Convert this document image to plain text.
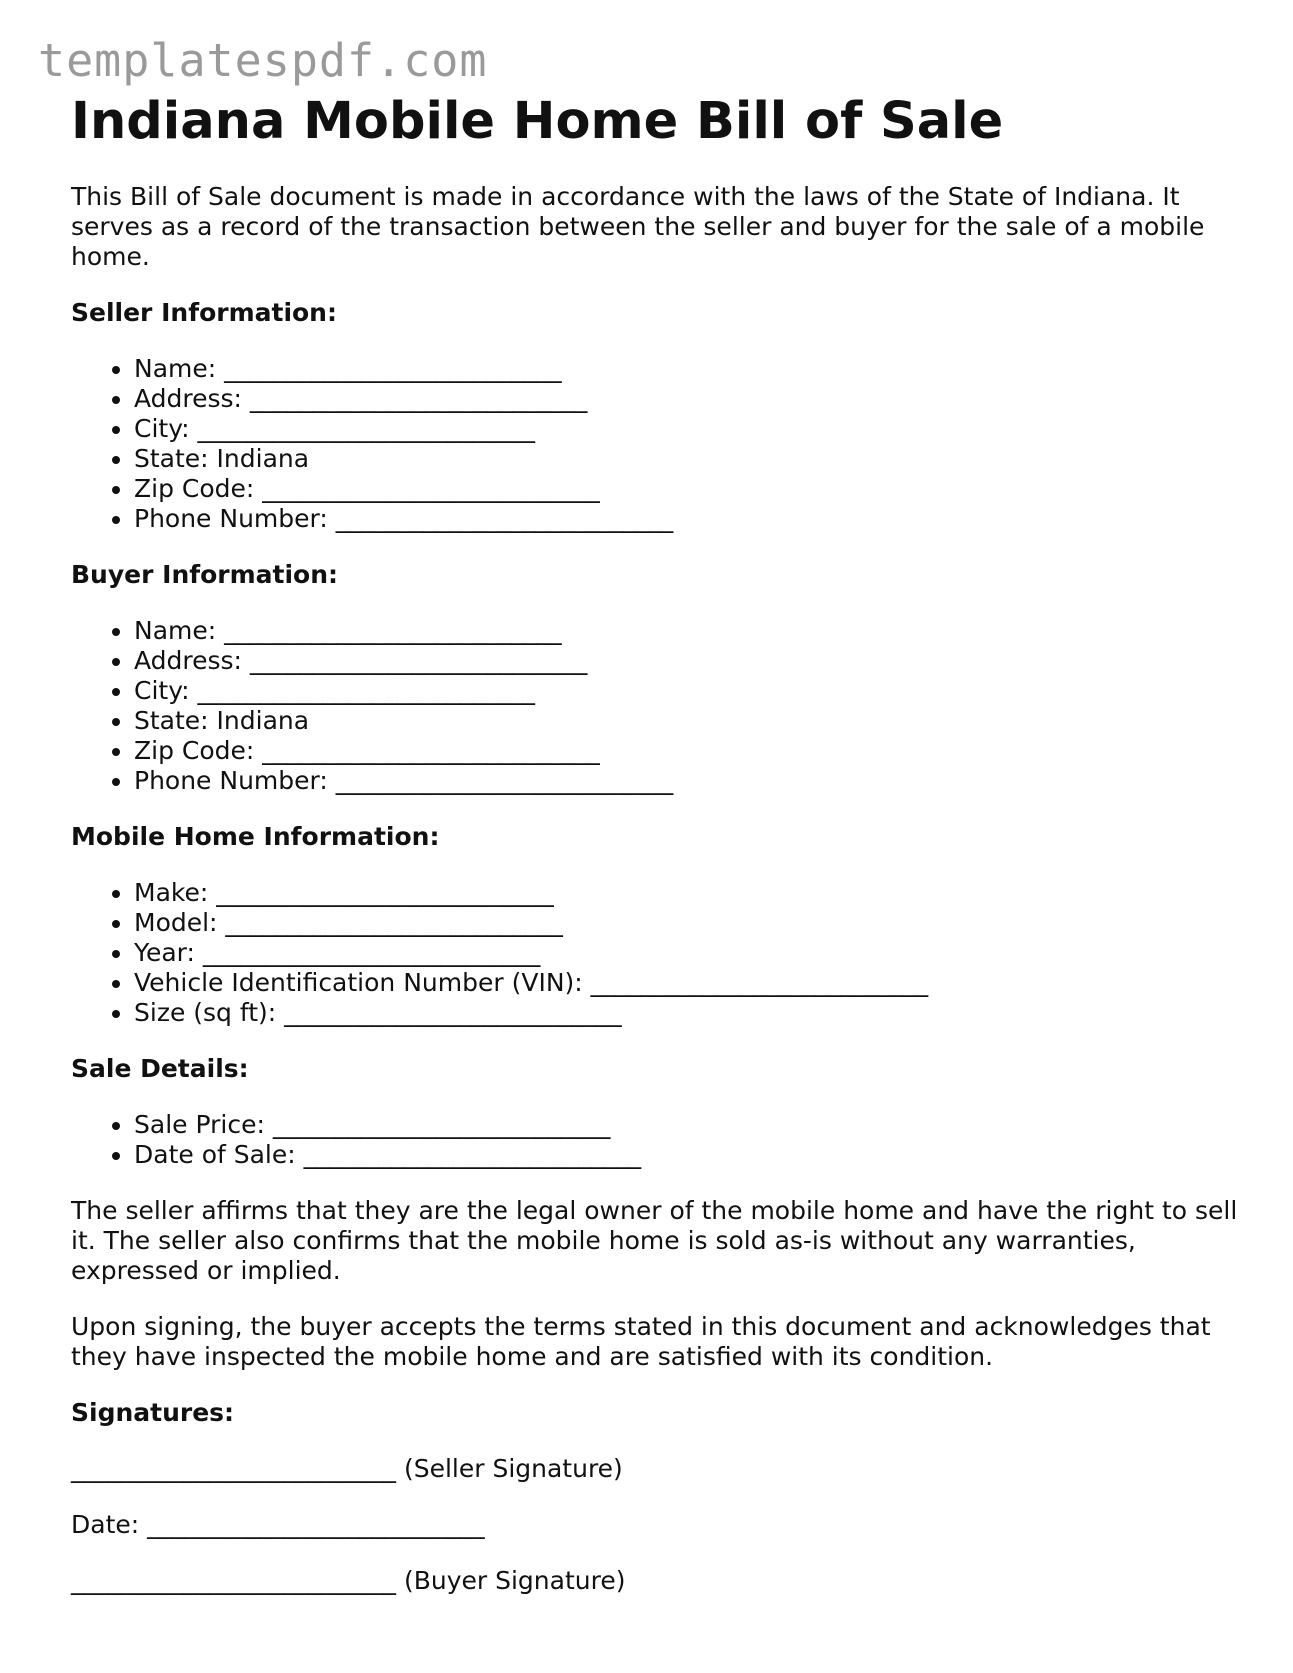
templatespdf.com
Indiana Mobile Home Bill of Sale

This Bill of Sale document is made in accordance with the laws of the State of Indiana. It serves as a record of the transaction between the seller and buyer for the sale of a mobile home.

Seller Information:
• Name: ___________________________
• Address: ___________________________
• City: ___________________________
• State: Indiana
• Zip Code: ___________________________
• Phone Number: ___________________________
Buyer Information:
• Name: ___________________________
• Address: ___________________________
• City: ___________________________
• State: Indiana
• Zip Code: ___________________________
• Phone Number: ___________________________
Mobile Home Information:
• Make: ___________________________
• Model: ___________________________
• Year: ___________________________
• Vehicle Identification Number (VIN): ___________________________
• Size (sq ft): ___________________________
Sale Details:
• Sale Price: ___________________________
• Date of Sale: ___________________________

The seller affirms that they are the legal owner of the mobile home and have the right to sell it. The seller also confirms that the mobile home is sold as-is without any warranties, expressed or implied.

Upon signing, the buyer accepts the terms stated in this document and acknowledges that they have inspected the mobile home and are satisfied with its condition.

Signatures:
__________________________ (Seller Signature)
Date: ___________________________
__________________________ (Buyer Signature)
